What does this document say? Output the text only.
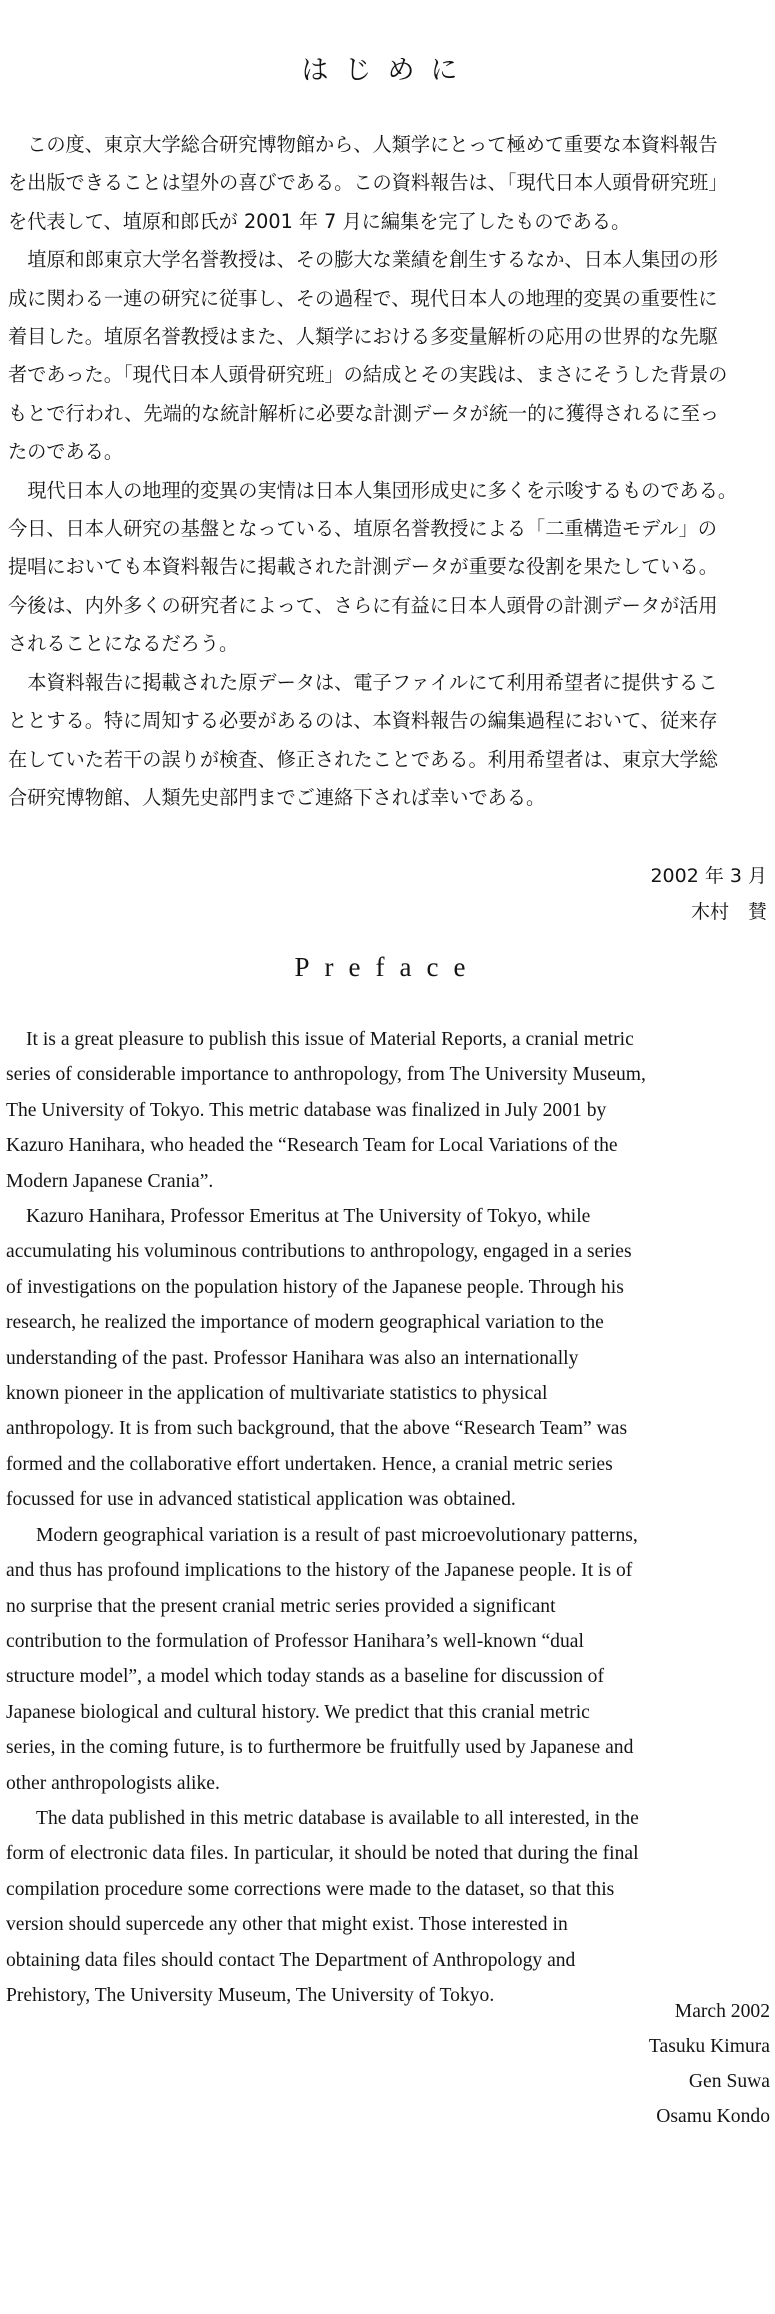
はじめに

この度、東京大学総合研究博物館から、人類学にとって極めて重要な本資料報告
を出版できることは望外の喜びである。この資料報告は、「現代日本人頭骨研究班」
を代表して、埴原和郎氏が 2001 年 7 月に編集を完了したものである。

埴原和郎東京大学名誉教授は、その膨大な業績を創生するなか、日本人集団の形
成に関わる一連の研究に従事し、その過程で、現代日本人の地理的変異の重要性に
着目した。埴原名誉教授はまた、人類学における多変量解析の応用の世界的な先駆
者であった。「現代日本人頭骨研究班」の結成とその実践は、まさにそうした背景の
もとで行われ、先端的な統計解析に必要な計測データが統一的に獲得されるに至っ
たのである。

現代日本人の地理的変異の実情は日本人集団形成史に多くを示唆するものである。
今日、日本人研究の基盤となっている、埴原名誉教授による「二重構造モデル」の
提唱においても本資料報告に掲載された計測データが重要な役割を果たしている。
今後は、内外多くの研究者によって、さらに有益に日本人頭骨の計測データが活用
されることになるだろう。

本資料報告に掲載された原データは、電子ファイルにて利用希望者に提供するこ
ととする。特に周知する必要があるのは、本資料報告の編集過程において、従来存
在していた若干の誤りが検査、修正されたことである。利用希望者は、東京大学総
合研究博物館、人類先史部門までご連絡下されば幸いである。

2002 年 3 月
木村　賛
Preface

It is a great pleasure to publish this issue of Material Reports, a cranial metric
series of considerable importance to anthropology, from The University Museum,
The University of Tokyo. This metric database was finalized in July 2001 by
Kazuro Hanihara, who headed the “Research Team for Local Variations of the
Modern Japanese Crania”.

Kazuro Hanihara, Professor Emeritus at The University of Tokyo, while
accumulating his voluminous contributions to anthropology, engaged in a series
of investigations on the population history of the Japanese people. Through his
research, he realized the importance of modern geographical variation to the
understanding of the past. Professor Hanihara was also an internationally
known pioneer in the application of multivariate statistics to physical
anthropology. It is from such background, that the above “Research Team” was
formed and the collaborative effort undertaken. Hence, a cranial metric series
focussed for use in advanced statistical application was obtained.

Modern geographical variation is a result of past microevolutionary patterns,
and thus has profound implications to the history of the Japanese people. It is of
no surprise that the present cranial metric series provided a significant
contribution to the formulation of Professor Hanihara’s well-known “dual
structure model”, a model which today stands as a baseline for discussion of
Japanese biological and cultural history. We predict that this cranial metric
series, in the coming future, is to furthermore be fruitfully used by Japanese and
other anthropologists alike.

The data published in this metric database is available to all interested, in the
form of electronic data files. In particular, it should be noted that during the final
compilation procedure some corrections were made to the dataset, so that this
version should supercede any other that might exist. Those interested in
obtaining data files should contact The Department of Anthropology and
Prehistory, The University Museum, The University of Tokyo.

March 2002
Tasuku Kimura
Gen Suwa
Osamu Kondo
